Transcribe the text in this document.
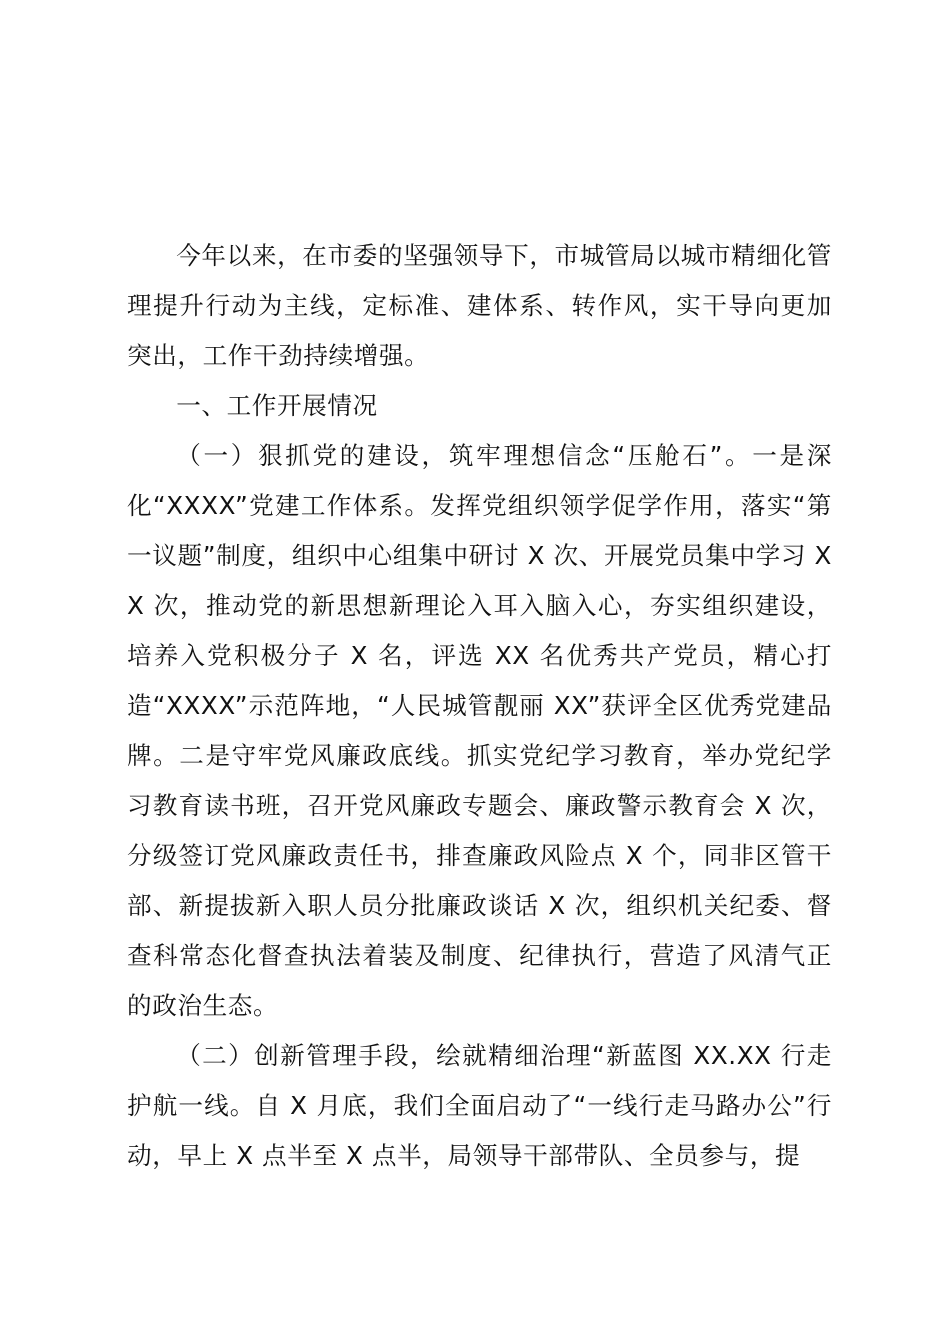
今年以来，在市委的坚强领导下，市城管局以城市精细化管理提升行动为主线，定标准、建体系、转作风，实干导向更加突出，工作干劲持续增强。

一、工作开展情况

（一）狠抓党的建设，筑牢理想信念“压舱石”。一是深化“XXXX”党建工作体系。发挥党组织领学促学作用，落实“第一议题”制度，组织中心组集中研讨 X 次、开展党员集中学习 XX 次，推动党的新思想新理论入耳入脑入心，夯实组织建设，培养入党积极分子 X 名，评选 XX 名优秀共产党员，精心打造“XXXX”示范阵地，“人民城管靓丽 XX”获评全区优秀党建品牌。二是守牢党风廉政底线。抓实党纪学习教育，举办党纪学习教育读书班，召开党风廉政专题会、廉政警示教育会 X 次，分级签订党风廉政责任书，排查廉政风险点 X 个，同非区管干部、新提拔新入职人员分批廉政谈话 X 次，组织机关纪委、督查科常态化督查执法着装及制度、纪律执行，营造了风清气正的政治生态。

（二）创新管理手段，绘就精细治理“新蓝图 XX.XX 行走护航一线。自 X 月底，我们全面启动了“一线行走马路办公”行动，早上 X 点半至 X 点半，局领导干部带队、全员参与，提
